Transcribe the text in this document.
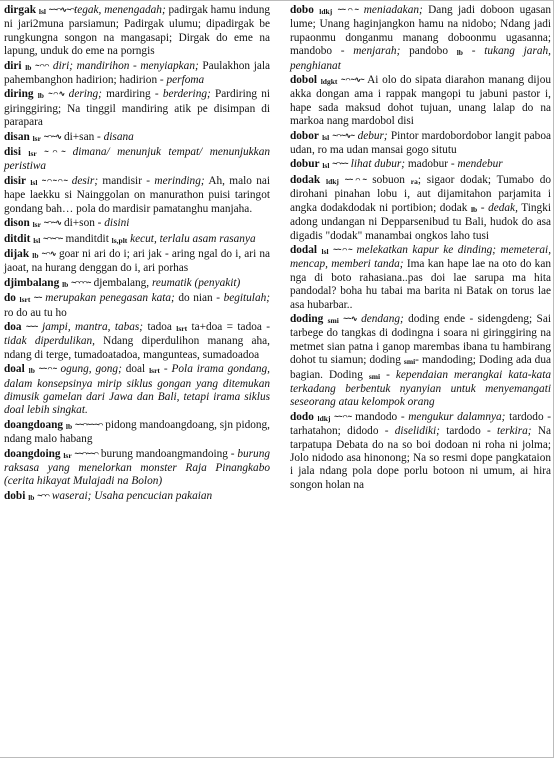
dirgak lsl ~~⌒∿~⌒tegak, menengadah; padirgak hamu indung ni jari2muna parsiamun; Padirgak ulumu; dipadirgak be rungkungna songon na mangasapi; Dirgak do eme na lapung, unduk do eme na porngis
diri lb ~⌒⌒ diri; mandirihon - menyiapkan; Paulakhon jala pahembanghon hadirion; hadirion - perfoma
diring lb ~⌒∿ dering; mardiring - berdering; Pardiring ni giringgiring; Na tinggil mandiring atik pe disimpan di parapara
disan lsr ~⌒~∿ di+san - disana
disi lsr ~⌒~ dimana/ menunjuk tempat/ menunjukkan peristiwa
disir lsl ~⌒~⌒~ desir; mandisir - merinding; Ah, malo nai hape laekku si Nainggolan on manurathon puisi taringot gondang bah… pola do mardisir pamatanghu manjaha.
dison lsr ~⌒~∿ di+son - disini
ditdit lsl ~⌒~⌒~ manditdit ls,plt kecut, terlalu asam rasanya
dijak lb ~⌒∿ goar ni ari do i; ari jak - aring ngal do i, ari na jaoat, na hurang denggan do i, ari porhas
djimbalang lb ~⌒⌒⌒~ djembalang, reumatik (penyakit)
do lsrt ~~ merupakan penegasan kata; do nian - begitulah; ro do au tu ho
doa ~~~ jampi, mantra, tabas; tadoa lsrt ta+doa = tadoa - tidak diperdulikan, Ndang diperdulihon manang aha, ndang di terge, tumadoatadoa, mangunteas, sumadoadoa
doal lb ~~⌒~ ogung, gong; doal lsrt - Pola irama gondang, dalam konsepsinya mirip siklus gongan yang ditemukan dimusik gamelan dari Jawa dan Bali, tetapi irama siklus doal lebih singkat.
doangdoang lb ~~⌒~~~⌒ pidong mandoangdoang, sjn pidong, ndang malo habang
doangdoing lsr ~~⌒~~⌒ burung mandoangmandoing - burung raksasa yang menelorkan monster Raja Pinangkabo (cerita hikayat Mulajadi na Bolon)
dobi lb ~⌒⌒ waserai; Usaha pencucian pakaian
dobo ldkj ~~⌒~ meniadakan; Dang jadi doboon ugasan lume; Unang haginjangkon hamu na nidobo; Ndang jadi rupaonmu donganmu manang doboonmu ugasanna; mandobo - menjarah; pandobo lb - tukang jarah, penghianat
dobol ldgkt ~⌒~∿~ Ai olo do sipata diarahon manang dijou akka dongan ama i rappak mangopi tu jabuni pastor i, hape sada maksud dohot tujuan, unang lalap do na markoa nang mardobol disi
dobor lsl ~⌒~∿~ debur; Pintor mardobordobor langit paboa udan, ro ma udan mansai gogo situtu
dobur lsl ~⌒~~ lihat dubur; madobur - mendebur
dodak ldkj ~~⌒~ sobuon ra; sigaor dodak; Tumabo do dirohani pinahan lobu i, aut dijamitahon parjamita i angka dodakdodak ni portibion; dodak lb - dedak, Tingki adong undangan ni Depparsenibud tu Bali, hudok do asa digadis "dodak" manambai ongkos laho tusi
dodal lsl ~~⌒~ melekatkan kapur ke dinding; memeterai, mencap, memberi tanda; Ima kan hape lae na oto do kan nga di boto rahasiana..pas doi lae sarupa ma hita pandodal? boha hu tabai ma barita ni Batak on torus lae asa hubarbar..
doding smi ~~∿ dendang; doding ende - sidengdeng; Sai tarbege do tangkas di dodingna i soara ni giringgiring na metmet sian patna i ganop marembas ibana tu hambirang dohot tu siamun; doding smi- mandoding; Doding ada dua bagian. Doding smi - kependaian merangkai kata-kata terkadang berbentuk nyanyian untuk menyemangati seseorang atau kelompok orang
dodo ldkj ~~⌒~ mandodo - mengukur dalamnya; tardodo - tarhatahon; didodo - diselidiki; tardodo - terkira; Na tarpatupa Debata do na so boi dodoan ni roha ni jolma; Jolo nidodo asa hinonong; Na so resmi dope pangkataion i jala ndang pola dope porlu botoon ni umum, ai hira songon holan na
